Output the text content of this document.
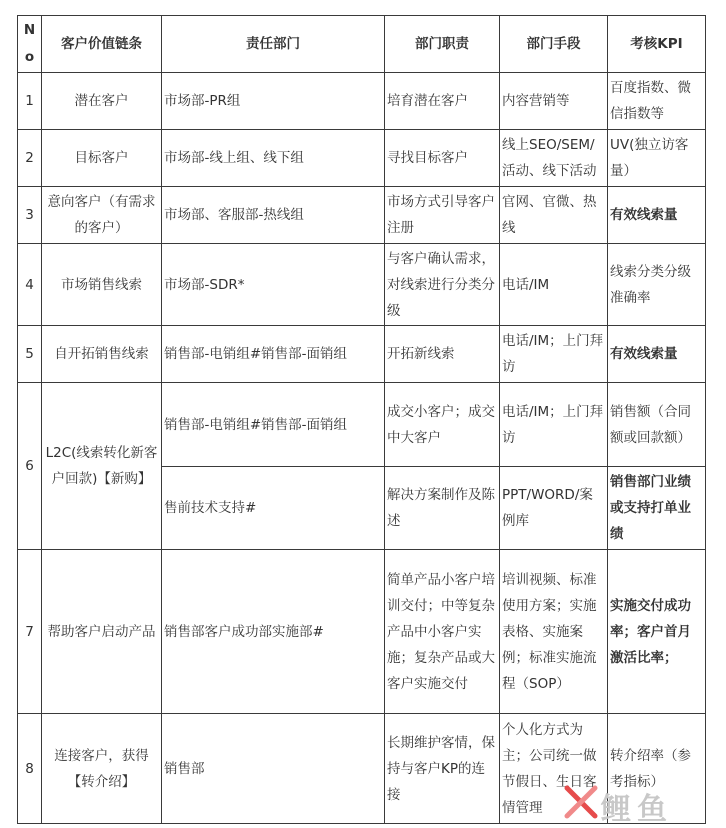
No	客户价值链条	责任部门	部门职责	部门手段	考核KPI
1	潜在客户	市场部-PR组	培育潜在客户	内容营销等	百度指数、微信指数等
2	目标客户	市场部-线上组、线下组	寻找目标客户	线上SEO/SEM/活动、线下活动	UV(独立访客量）
3	意向客户（有需求的客户）	市场部、客服部-热线组	市场方式引导客户注册	官网、官微、热线	有效线索量
4	市场销售线索	市场部-SDR*	与客户确认需求，对线索进行分类分级	电话/IM	线索分类分级准确率
5	自开拓销售线索	销售部-电销组#销售部-面销组	开拓新线索	电话/IM；上门拜访	有效线索量
6	L2C(线索转化新客户回款)【新购】	销售部-电销组#销售部-面销组	成交小客户；成交中大客户	电话/IM；上门拜访	销售额（合同额或回款额）
		售前技术支持#	解决方案制作及陈述	PPT/WORD/案例库	销售部门业绩或支持打单业绩
7	帮助客户启动产品	销售部客户成功部实施部#	简单产品小客户培训交付；中等复杂产品中小客户实施；复杂产品或大客户实施交付	培训视频、标准使用方案；实施表格、实施案例；标准实施流程（SOP）	实施交付成功率；客户首月激活比率；
8	连接客户，获得【转介绍】	销售部	长期维护客情，保持与客户KP的连接	个人化方式为主；公司统一做节假日、生日客情管理	转介绍率（参考指标）
鲤鱼
